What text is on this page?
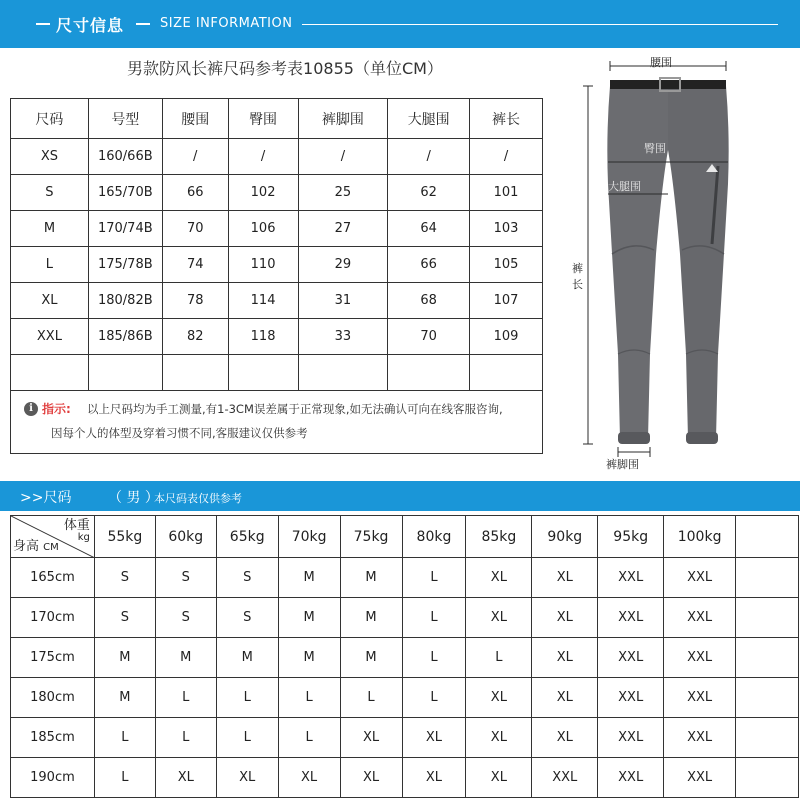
尺寸信息	SIZE INFORMATION
男款防风长裤尺码参考表10855（单位CM）
尺码	号型	腰围	臀围	裤脚围	大腿围	裤长
XS	160/66B	/	/	/	/	/
S	165/70B	66	102	25	62	101
M	170/74B	70	106	27	64	103
L	175/78B	74	110	29	66	105
XL	180/82B	78	114	31	68	107
XXL	185/86B	82	118	33	70	109

i 指示: 以上尺码均为手工测量,有1-3CM误差属于正常现象,如无法确认可向在线客服咨询,
因每个人的体型及穿着习惯不同,客服建议仅供参考
腰围
臀围
大腿围
裤
长
裤脚围
>>尺码	（ 男 ）
本尺码表仅供参考
体重
kg
身高 CM	55kg	60kg	65kg	70kg	75kg	80kg	85kg	90kg	95kg	100kg	
165cm	S	S	S	M	M	L	XL	XL	XXL	XXL	
170cm	S	S	S	M	M	L	XL	XL	XXL	XXL	
175cm	M	M	M	M	M	L	L	XL	XXL	XXL	
180cm	M	L	L	L	L	L	XL	XL	XXL	XXL	
185cm	L	L	L	L	XL	XL	XL	XL	XXL	XXL	
190cm	L	XL	XL	XL	XL	XL	XL	XXL	XXL	XXL	
